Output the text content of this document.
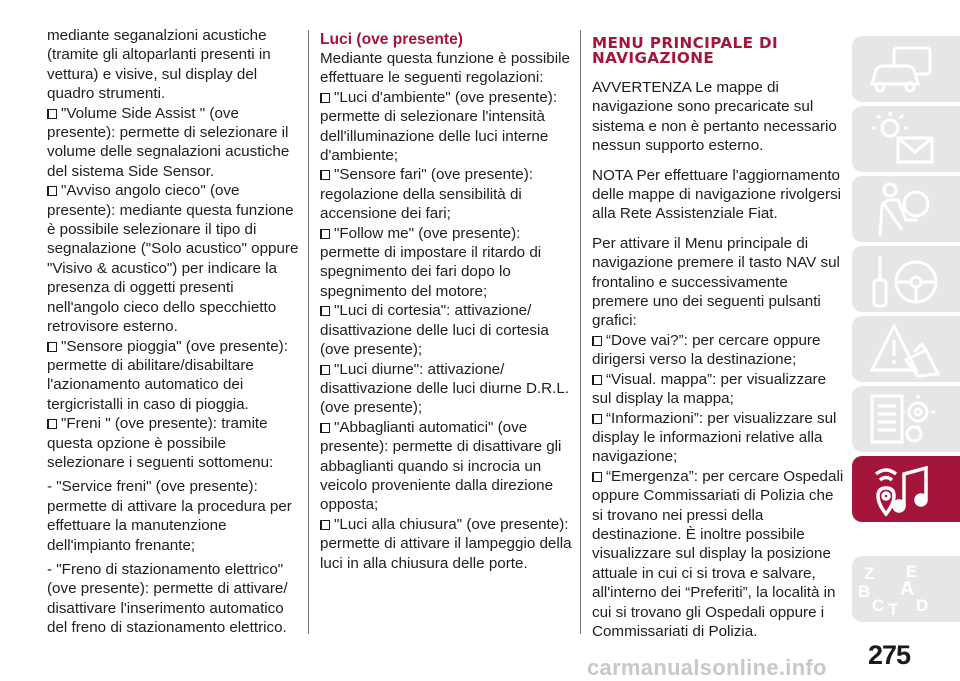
mediante seganalzioni acustiche (tramite gli altoparlanti presenti in vettura) e visive, sul display del quadro strumenti.

"Volume Side Assist " (ove presente): permette di selezionare il volume delle segnalazioni acustiche del sistema Side Sensor.

"Avviso angolo cieco" (ove presente): mediante questa funzione è possibile selezionare il tipo di segnalazione ("Solo acustico" oppure "Visivo & acustico") per indicare la presenza di oggetti presenti nell'angolo cieco dello specchietto retrovisore esterno.

"Sensore pioggia" (ove presente): permette di abilitare/disabiltare l'azionamento automatico dei tergicristalli in caso di pioggia.

"Freni " (ove presente): tramite questa opzione è possibile selezionare i seguenti sottomenu:

- "Service freni" (ove presente): permette di attivare la procedura per effettuare la manutenzione dell'impianto frenante;

- "Freno di stazionamento elettrico" (ove presente): permette di attivare/ disattivare l'inserimento automatico del freno di stazionamento elettrico.

Luci (ove presente)

Mediante questa funzione è possibile effettuare le seguenti regolazioni:

"Luci d'ambiente" (ove presente): permette di selezionare l'intensità dell'illuminazione delle luci interne d'ambiente;

"Sensore fari" (ove presente): regolazione della sensibilità di accensione dei fari;

"Follow me" (ove presente): permette di impostare il ritardo di spegnimento dei fari dopo lo spegnimento del motore;

"Luci di cortesia": attivazione/ disattivazione delle luci di cortesia (ove presente);

"Luci diurne": attivazione/ disattivazione delle luci diurne D.R.L. (ove presente);

"Abbaglianti automatici" (ove presente): permette di disattivare gli abbaglianti quando si incrocia un veicolo proveniente dalla direzione opposta;

"Luci alla chiusura" (ove presente): permette di attivare il lampeggio della luci in alla chiusura delle porte.

MENU PRINCIPALE DI NAVIGAZIONE

AVVERTENZA Le mappe di navigazione sono precaricate sul sistema e non è pertanto necessario nessun supporto esterno.

NOTA Per effettuare l'aggiornamento delle mappe di navigazione rivolgersi alla Rete Assistenziale Fiat.

Per attivare il Menu principale di navigazione premere il tasto NAV sul frontalino e successivamente premere uno dei seguenti pulsanti grafici:

“Dove vai?”: per cercare oppure dirigersi verso la destinazione;

“Visual. mappa”: per visualizzare sul display la mappa;

“Informazioni”: per visualizzare sul display le informazioni relative alla navigazione;

“Emergenza”: per cercare Ospedali oppure Commissariati di Polizia che si trovano nei pressi della destinazione. È inoltre possibile visualizzare sul display la posizione attuale in cui ci si trova e salvare, all'interno dei “Preferiti”, la località in cui si trovano gli Ospedali oppure i Commissariati di Polizia.

Z E
B A
C T D
275
carmanualsonline.info
